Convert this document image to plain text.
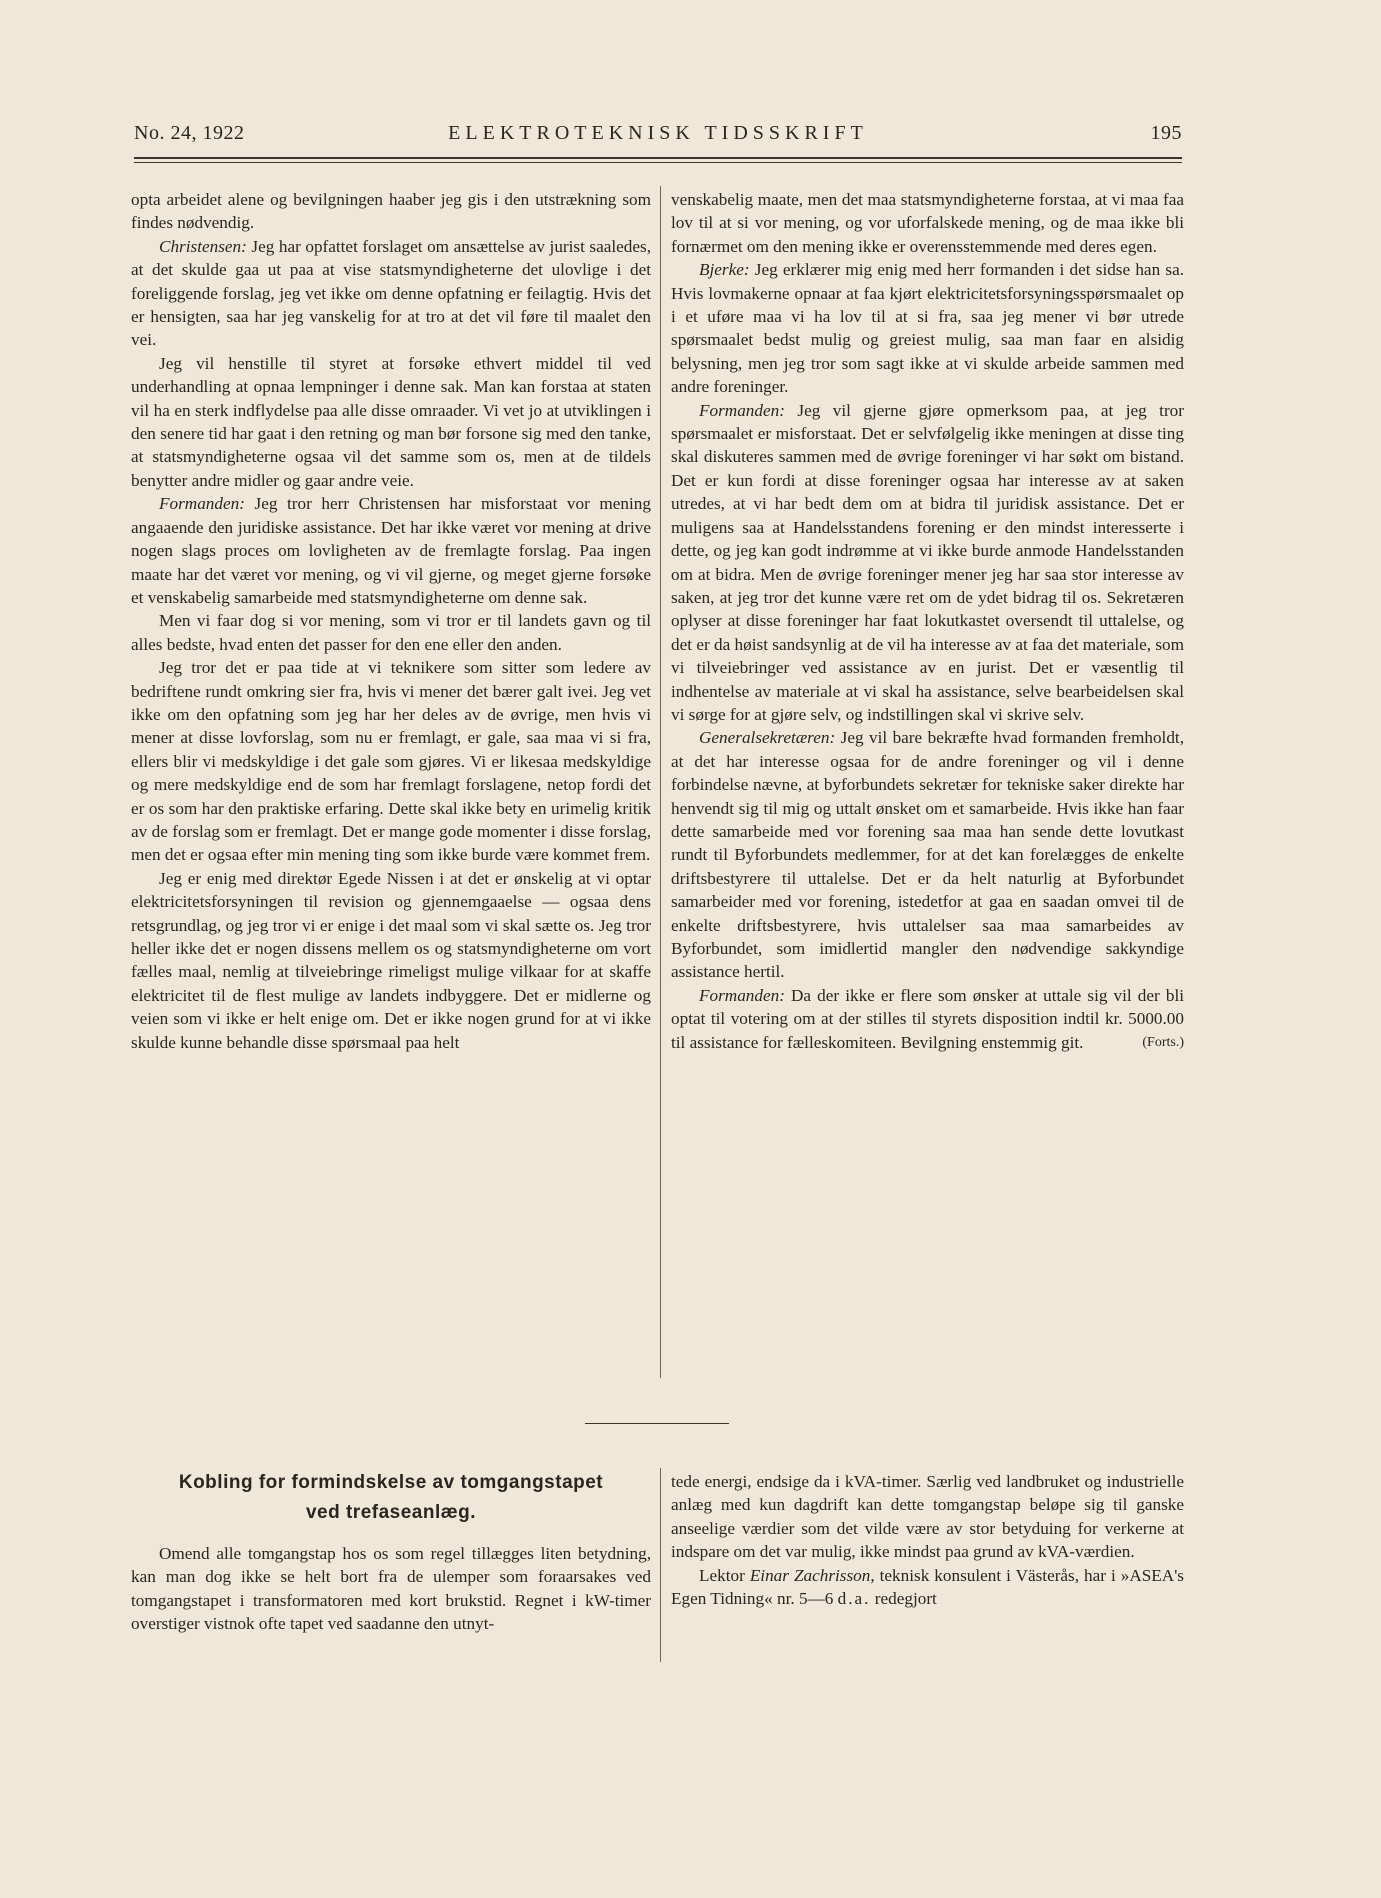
No. 24, 1922	ELEKTROTEKNISK TIDSSKRIFT	195

opta arbeidet alene og bevilgningen haaber jeg gis i den utstrækning som findes nødvendig.

Christensen: Jeg har opfattet forslaget om ansættelse av jurist saaledes, at det skulde gaa ut paa at vise statsmyndigheterne det ulovlige i det foreliggende forslag, jeg vet ikke om denne opfatning er feilagtig. Hvis det er hensigten, saa har jeg vanskelig for at tro at det vil føre til maalet den vei.

Jeg vil henstille til styret at forsøke ethvert middel til ved underhandling at opnaa lempninger i denne sak. Man kan forstaa at staten vil ha en sterk indflydelse paa alle disse omraader. Vi vet jo at utviklingen i den senere tid har gaat i den retning og man bør forsone sig med den tanke, at statsmyndigheterne ogsaa vil det samme som os, men at de tildels benytter andre midler og gaar andre veie.

Formanden: Jeg tror herr Christensen har misforstaat vor mening angaaende den juridiske assistance. Det har ikke været vor mening at drive nogen slags proces om lovligheten av de fremlagte forslag. Paa ingen maate har det været vor mening, og vi vil gjerne, og meget gjerne forsøke et venskabelig samarbeide med statsmyndigheterne om denne sak.

Men vi faar dog si vor mening, som vi tror er til landets gavn og til alles bedste, hvad enten det passer for den ene eller den anden.

Jeg tror det er paa tide at vi teknikere som sitter som ledere av bedriftene rundt omkring sier fra, hvis vi mener det bærer galt ivei. Jeg vet ikke om den opfatning som jeg har her deles av de øvrige, men hvis vi mener at disse lovforslag, som nu er fremlagt, er gale, saa maa vi si fra, ellers blir vi medskyldige i det gale som gjøres. Vi er likesaa medskyldige og mere medskyldige end de som har fremlagt forslagene, netop fordi det er os som har den praktiske erfaring. Dette skal ikke bety en urimelig kritik av de forslag som er fremlagt. Det er mange gode momenter i disse forslag, men det er ogsaa efter min mening ting som ikke burde være kommet frem.

Jeg er enig med direktør Egede Nissen i at det er ønskelig at vi optar elektricitetsforsyningen til revision og gjennemgaaelse — ogsaa dens retsgrundlag, og jeg tror vi er enige i det maal som vi skal sætte os. Jeg tror heller ikke det er nogen dissens mellem os og statsmyndigheterne om vort fælles maal, nemlig at tilveiebringe rimeligst mulige vilkaar for at skaffe elektricitet til de flest mulige av landets indbyggere. Det er midlerne og veien som vi ikke er helt enige om. Det er ikke nogen grund for at vi ikke skulde kunne behandle disse spørsmaal paa helt

venskabelig maate, men det maa statsmyndigheterne forstaa, at vi maa faa lov til at si vor mening, og vor uforfalskede mening, og de maa ikke bli fornærmet om den mening ikke er overensstemmende med deres egen.

Bjerke: Jeg erklærer mig enig med herr formanden i det sidse han sa. Hvis lovmakerne opnaar at faa kjørt elektricitetsforsyningsspørsmaalet op i et uføre maa vi ha lov til at si fra, saa jeg mener vi bør utrede spørsmaalet bedst mulig og greiest mulig, saa man faar en alsidig belysning, men jeg tror som sagt ikke at vi skulde arbeide sammen med andre foreninger.

Formanden: Jeg vil gjerne gjøre opmerksom paa, at jeg tror spørsmaalet er misforstaat. Det er selvfølgelig ikke meningen at disse ting skal diskuteres sammen med de øvrige foreninger vi har søkt om bistand. Det er kun fordi at disse foreninger ogsaa har interesse av at saken utredes, at vi har bedt dem om at bidra til juridisk assistance. Det er muligens saa at Handelsstandens forening er den mindst interesserte i dette, og jeg kan godt indrømme at vi ikke burde anmode Handelsstanden om at bidra. Men de øvrige foreninger mener jeg har saa stor interesse av saken, at jeg tror det kunne være ret om de ydet bidrag til os. Sekretæren oplyser at disse foreninger har faat lokutkastet oversendt til uttalelse, og det er da høist sandsynlig at de vil ha interesse av at faa det materiale, som vi tilveiebringer ved assistance av en jurist. Det er væsentlig til indhentelse av materiale at vi skal ha assistance, selve bearbeidelsen skal vi sørge for at gjøre selv, og indstillingen skal vi skrive selv.

Generalsekretæren: Jeg vil bare bekræfte hvad formanden fremholdt, at det har interesse ogsaa for de andre foreninger og vil i denne forbindelse nævne, at byforbundets sekretær for tekniske saker direkte har henvendt sig til mig og uttalt ønsket om et samarbeide. Hvis ikke han faar dette samarbeide med vor forening saa maa han sende dette lovutkast rundt til Byforbundets medlemmer, for at det kan forelægges de enkelte driftsbestyrere til uttalelse. Det er da helt naturlig at Byforbundet samarbeider med vor forening, istedetfor at gaa en saadan omvei til de enkelte driftsbestyrere, hvis uttalelser saa maa samarbeides av Byforbundet, som imidlertid mangler den nødvendige sakkyndige assistance hertil.

Formanden: Da der ikke er flere som ønsker at uttale sig vil der bli optat til votering om at der stilles til styrets disposition indtil kr. 5000.00 til assistance for fælleskomiteen. Bevilgning enstemmig git.	(Forts.)

Kobling for formindskelse av tomgangstapet
ved trefaseanlæg.

Omend alle tomgangstap hos os som regel tillægges liten betydning, kan man dog ikke se helt bort fra de ulemper som foraarsakes ved tomgangstapet i transformatoren med kort brukstid. Regnet i kW-timer overstiger vistnok ofte tapet ved saadanne den utnyt-

tede energi, endsige da i kVA-timer. Særlig ved landbruket og industrielle anlæg med kun dagdrift kan dette tomgangstap beløpe sig til ganske anseelige værdier som det vilde være av stor betyduing for verkerne at indspare om det var mulig, ikke mindst paa grund av kVA-værdien.

Lektor Einar Zachrisson, teknisk konsulent i Västerås, har i »ASEA's Egen Tidning« nr. 5—6 d.a. redegjort
